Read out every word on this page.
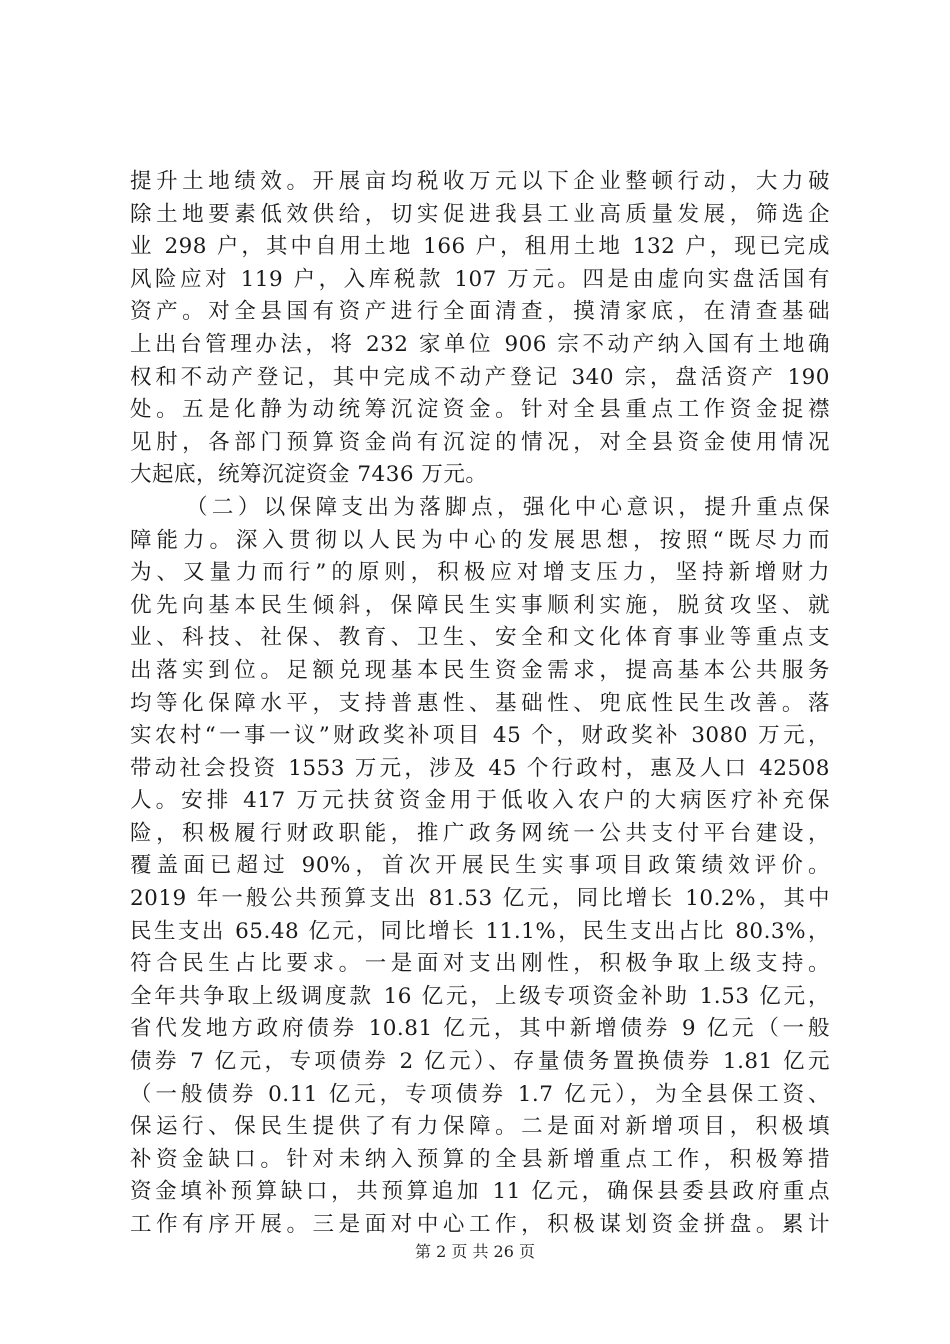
提升土地绩效。开展亩均税收万元以下企业整顿行动，大力破
除土地要素低效供给，切实促进我县工业高质量发展，筛选企
业 298 户，其中自用土地 166 户，租用土地 132 户，现已完成
风险应对 119 户，入库税款 107 万元。四是由虚向实盘活国有
资产。对全县国有资产进行全面清查，摸清家底，在清查基础
上出台管理办法，将 232 家单位 906 宗不动产纳入国有土地确
权和不动产登记，其中完成不动产登记 340 宗，盘活资产 190
处。五是化静为动统筹沉淀资金。针对全县重点工作资金捉襟
见肘，各部门预算资金尚有沉淀的情况，对全县资金使用情况
大起底，统筹沉淀资金 7436 万元。
（二）以保障支出为落脚点，强化中心意识，提升重点保
障能力。深入贯彻以人民为中心的发展思想，按照“既尽力而
为、又量力而行”的原则，积极应对增支压力，坚持新增财力
优先向基本民生倾斜，保障民生实事顺利实施，脱贫攻坚、就
业、科技、社保、教育、卫生、安全和文化体育事业等重点支
出落实到位。足额兑现基本民生资金需求，提高基本公共服务
均等化保障水平，支持普惠性、基础性、兜底性民生改善。落
实农村“一事一议”财政奖补项目 45 个，财政奖补 3080 万元，
带动社会投资 1553 万元，涉及 45 个行政村，惠及人口 42508
人。安排 417 万元扶贫资金用于低收入农户的大病医疗补充保
险，积极履行财政职能，推广政务网统一公共支付平台建设，
覆盖面已超过 90%，首次开展民生实事项目政策绩效评价。
2019 年一般公共预算支出 81.53 亿元，同比增长 10.2%，其中
民生支出 65.48 亿元，同比增长 11.1%，民生支出占比 80.3%，
符合民生占比要求。一是面对支出刚性，积极争取上级支持。
全年共争取上级调度款 16 亿元，上级专项资金补助 1.53 亿元，
省代发地方政府债券 10.81 亿元，其中新增债券 9 亿元（一般
债券 7 亿元，专项债券 2 亿元）、存量债务置换债券 1.81 亿元
（一般债券 0.11 亿元，专项债券 1.7 亿元），为全县保工资、
保运行、保民生提供了有力保障。二是面对新增项目，积极填
补资金缺口。针对未纳入预算的全县新增重点工作，积极筹措
资金填补预算缺口，共预算追加 11 亿元，确保县委县政府重点
工作有序开展。三是面对中心工作，积极谋划资金拼盘。累计
第 2 页 共 26 页
